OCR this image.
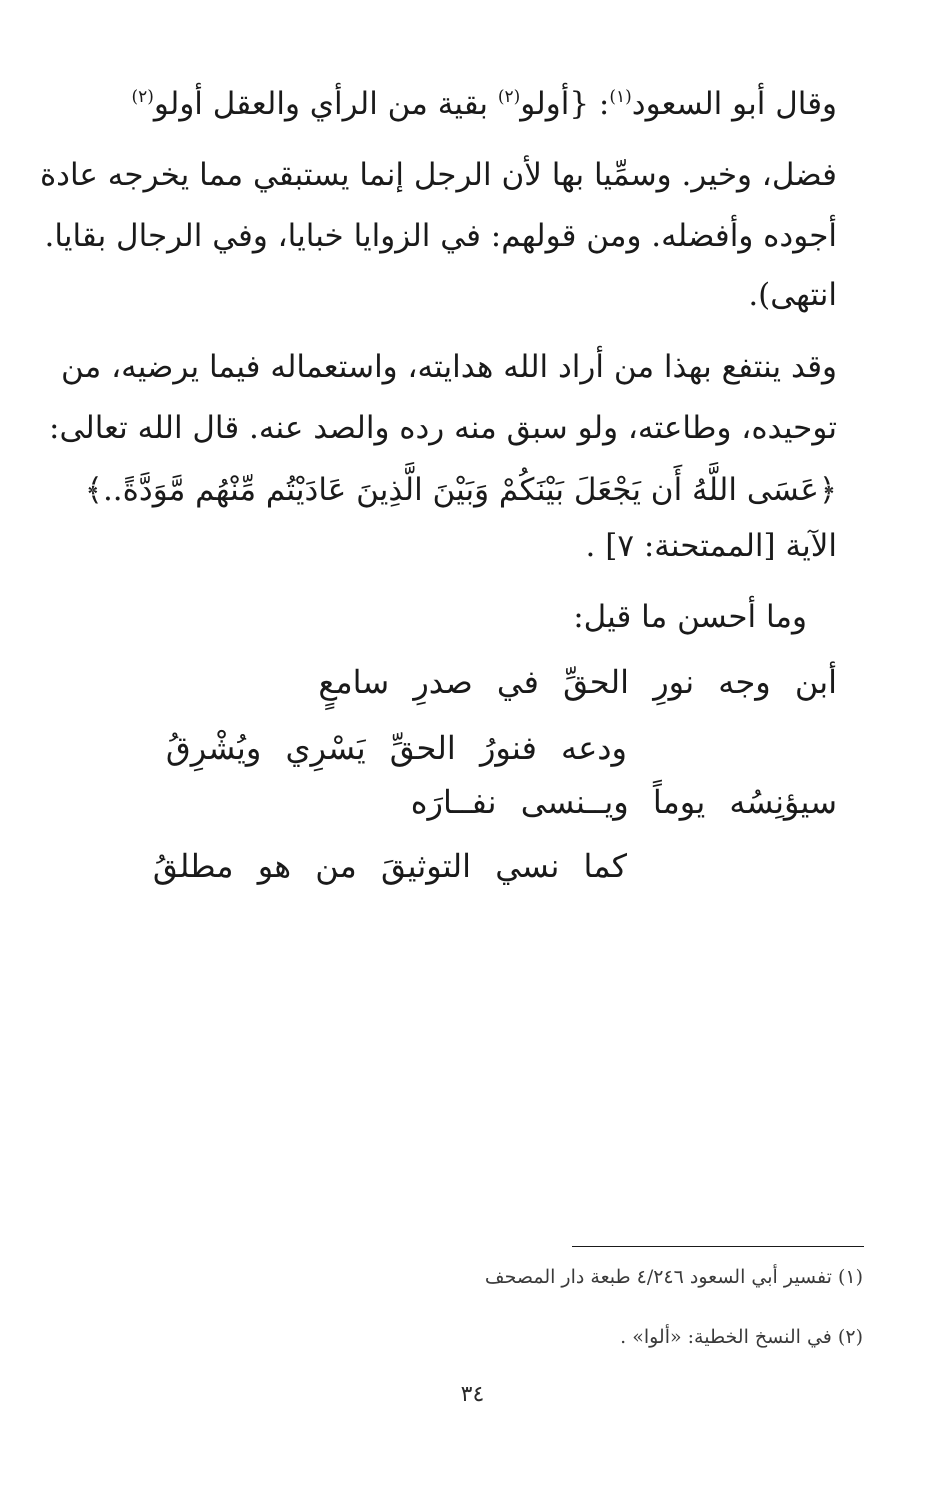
وقال أبو السعود$^{(١)}$: {أولو$^{(٢)}$ بقية من الرأي والعقل أولو$^{(٢)}$
فضل، وخير. وسمِّيا بها لأن الرجل إنما يستبقي مما يخرجه عادة
أجوده وأفضله. ومن قولهم: في الزوايا خبايا، وفي الرجال بقايا.
انتهى).
وقد ينتفع بهذا من أراد الله هدايته، واستعماله فيما يرضيه، من
توحيده، وطاعته، ولو سبق منه رده والصد عنه. قال الله تعالى:
﴿عَسَى اللَّهُ أَن يَجْعَلَ بَيْنَكُمْ وَبَيْنَ الَّذِينَ عَادَيْتُم مِّنْهُم مَّوَدَّةً..﴾
الآية [الممتحنة: ٧] .
وما أحسن ما قيل:
أبن وجه نورِ الحقِّ في صدرِ سامعٍ
ودعه فنورُ الحقِّ يَسْرِي ويُشْرِقُ
سيؤنِسُه يوماً ويــنسى نفــارَه
كما نسي التوثيقَ من هو مطلقُ
(١) تفسير أبي السعود ٤/٢٤٦ طبعة دار المصحف
(٢) في النسخ الخطية: «ألوا» .
٣٤
